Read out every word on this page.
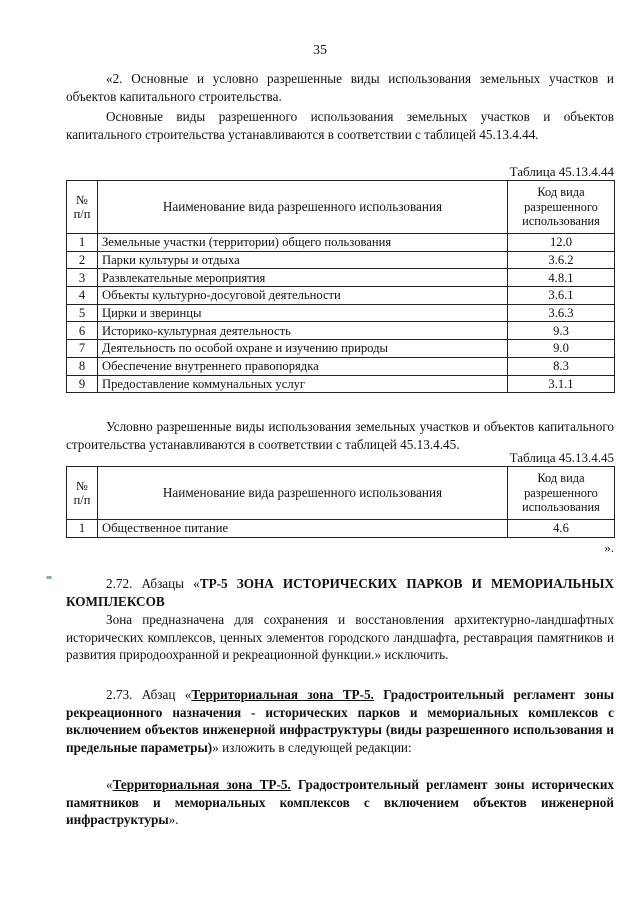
35
«2. Основные и условно разрешенные виды использования земельных участков и объектов капитального строительства.
Основные виды разрешенного использования земельных участков и объектов капитального строительства устанавливаются в соответствии с таблицей 45.13.4.44.
Таблица 45.13.4.44
№ п/п	Наименование вида разрешенного использования	Код вида разрешенного использования
1	Земельные участки (территории) общего пользования	12.0
2	Парки культуры и отдыха	3.6.2
3	Развлекательные мероприятия	4.8.1
4	Объекты культурно-досуговой деятельности	3.6.1
5	Цирки и зверинцы	3.6.3
6	Историко-культурная деятельность	9.3
7	Деятельность по особой охране и изучению природы	9.0
8	Обеспечение внутреннего правопорядка	8.3
9	Предоставление коммунальных услуг	3.1.1
Условно разрешенные виды использования земельных участков и объектов капитального строительства устанавливаются в соответствии с таблицей 45.13.4.45.
Таблица 45.13.4.45
№ п/п	Наименование вида разрешенного использования	Код вида разрешенного использования
1	Общественное питание	4.6
».
2.72. Абзацы «ТР-5 ЗОНА ИСТОРИЧЕСКИХ ПАРКОВ И МЕМОРИАЛЬНЫХ КОМПЛЕКСОВ
Зона предназначена для сохранения и восстановления архитектурно-ландшафтных исторических комплексов, ценных элементов городского ландшафта, реставрация памятников и развития природоохранной и рекреационной функции.» исключить.
2.73. Абзац «Территориальная зона ТР-5. Градостроительный регламент зоны рекреационного назначения - исторических парков и мемориальных комплексов с включением объектов инженерной инфраструктуры (виды разрешенного использования и предельные параметры)» изложить в следующей редакции:
«Территориальная зона ТР-5. Градостроительный регламент зоны исторических памятников и мемориальных комплексов с включением объектов инженерной инфраструктуры».
